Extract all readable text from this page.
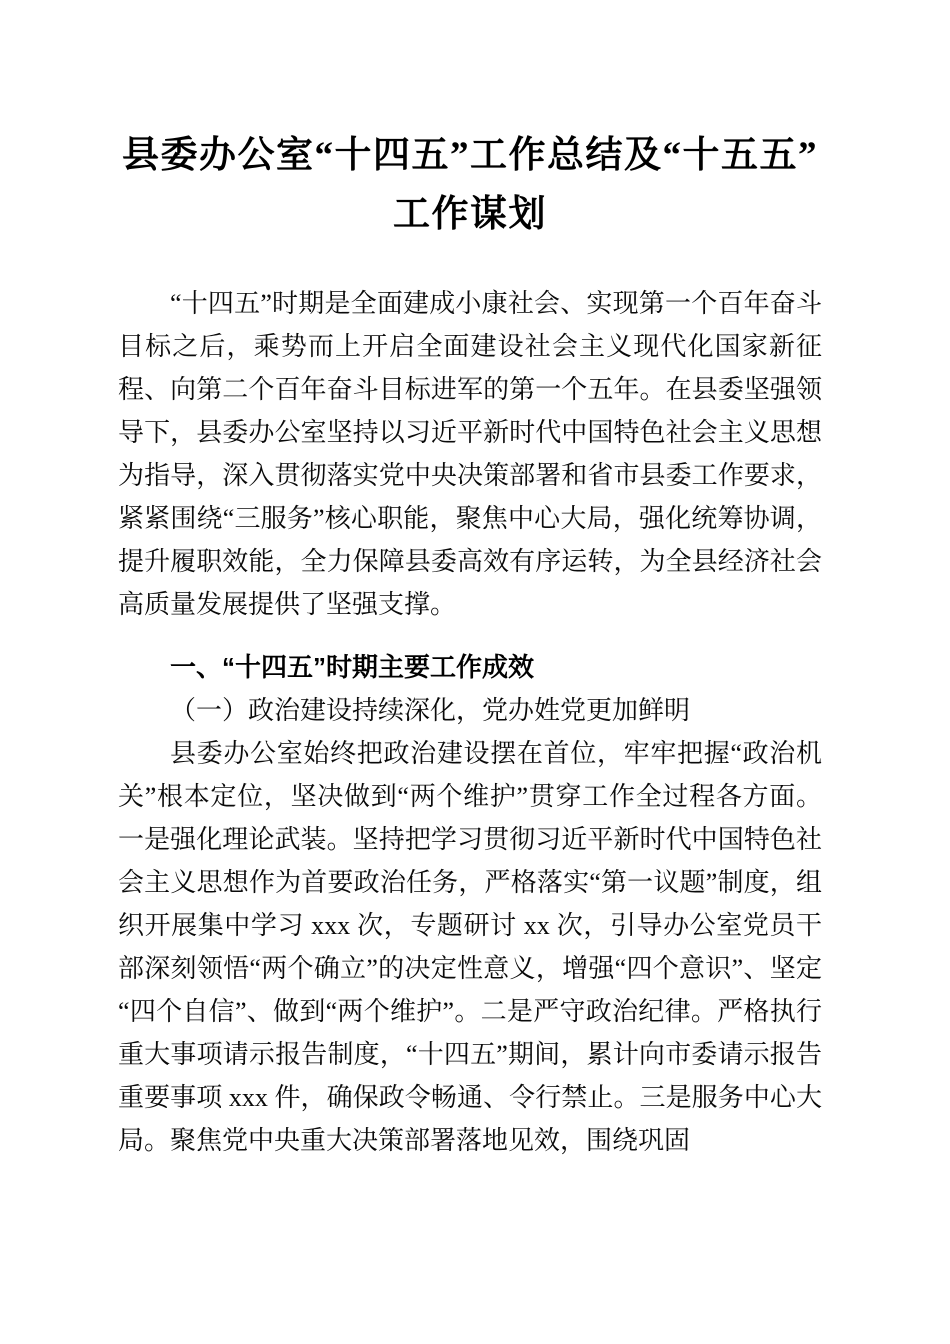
县委办公室“十四五”工作总结及“十五五”工作谋划

“十四五”时期是全面建成小康社会、实现第一个百年奋斗目标之后，乘势而上开启全面建设社会主义现代化国家新征程、向第二个百年奋斗目标进军的第一个五年。在县委坚强领导下，县委办公室坚持以习近平新时代中国特色社会主义思想为指导，深入贯彻落实党中央决策部署和省市县委工作要求，紧紧围绕“三服务”核心职能，聚焦中心大局，强化统筹协调，提升履职效能，全力保障县委高效有序运转，为全县经济社会高质量发展提供了坚强支撑。

一、“十四五”时期主要工作成效
（一）政治建设持续深化，党办姓党更加鲜明

县委办公室始终把政治建设摆在首位，牢牢把握“政治机关”根本定位，坚决做到“两个维护”贯穿工作全过程各方面。一是强化理论武装。坚持把学习贯彻习近平新时代中国特色社会主义思想作为首要政治任务，严格落实“第一议题”制度，组织开展集中学习 xxx 次，专题研讨 xx 次，引导办公室党员干部深刻领悟“两个确立”的决定性意义，增强“四个意识”、坚定“四个自信”、做到“两个维护”。二是严守政治纪律。严格执行重大事项请示报告制度，“十四五”期间，累计向市委请示报告重要事项 xxx 件，确保政令畅通、令行禁止。三是服务中心大局。聚焦党中央重大决策部署落地见效，围绕巩固
